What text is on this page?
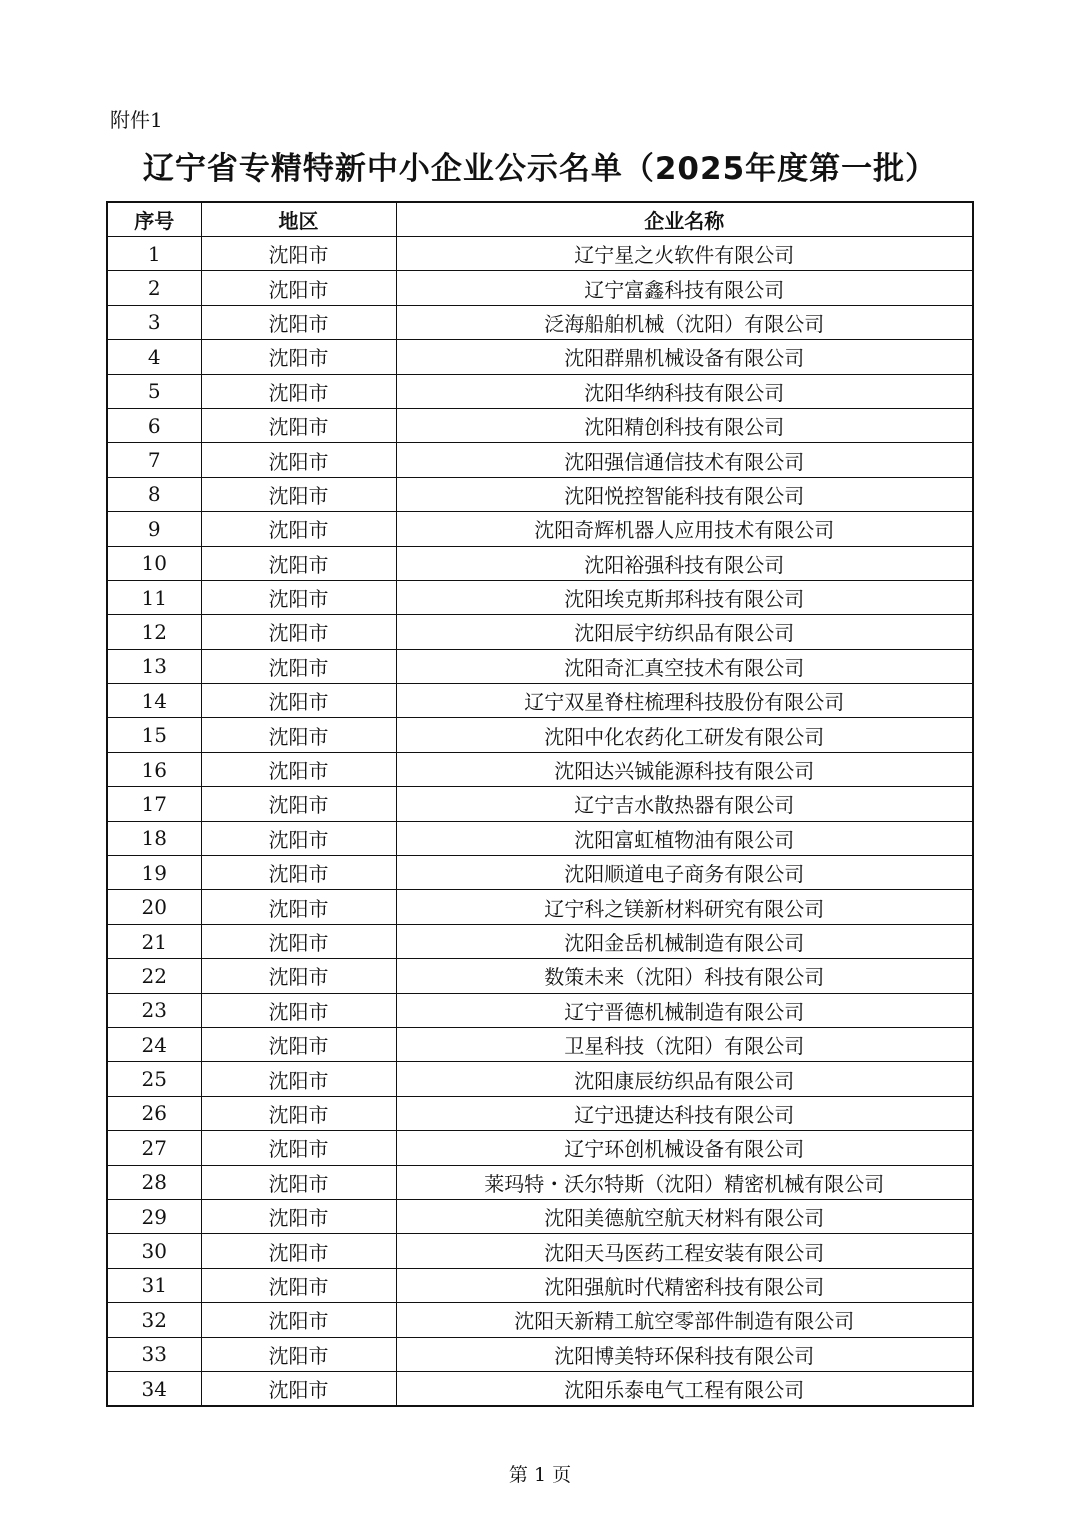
附件1
辽宁省专精特新中小企业公示名单（2025年度第一批）
序号	地区	企业名称
1	沈阳市	辽宁星之火软件有限公司
2	沈阳市	辽宁富鑫科技有限公司
3	沈阳市	泛海船舶机械（沈阳）有限公司
4	沈阳市	沈阳群鼎机械设备有限公司
5	沈阳市	沈阳华纳科技有限公司
6	沈阳市	沈阳精创科技有限公司
7	沈阳市	沈阳强信通信技术有限公司
8	沈阳市	沈阳悦控智能科技有限公司
9	沈阳市	沈阳奇辉机器人应用技术有限公司
10	沈阳市	沈阳裕强科技有限公司
11	沈阳市	沈阳埃克斯邦科技有限公司
12	沈阳市	沈阳辰宇纺织品有限公司
13	沈阳市	沈阳奇汇真空技术有限公司
14	沈阳市	辽宁双星脊柱梳理科技股份有限公司
15	沈阳市	沈阳中化农药化工研发有限公司
16	沈阳市	沈阳达兴铖能源科技有限公司
17	沈阳市	辽宁吉水散热器有限公司
18	沈阳市	沈阳富虹植物油有限公司
19	沈阳市	沈阳顺道电子商务有限公司
20	沈阳市	辽宁科之镁新材料研究有限公司
21	沈阳市	沈阳金岳机械制造有限公司
22	沈阳市	数策未来（沈阳）科技有限公司
23	沈阳市	辽宁晋德机械制造有限公司
24	沈阳市	卫星科技（沈阳）有限公司
25	沈阳市	沈阳康辰纺织品有限公司
26	沈阳市	辽宁迅捷达科技有限公司
27	沈阳市	辽宁环创机械设备有限公司
28	沈阳市	莱玛特・沃尔特斯（沈阳）精密机械有限公司
29	沈阳市	沈阳美德航空航天材料有限公司
30	沈阳市	沈阳天马医药工程安装有限公司
31	沈阳市	沈阳强航时代精密科技有限公司
32	沈阳市	沈阳天新精工航空零部件制造有限公司
33	沈阳市	沈阳博美特环保科技有限公司
34	沈阳市	沈阳乐泰电气工程有限公司
第 1 页
